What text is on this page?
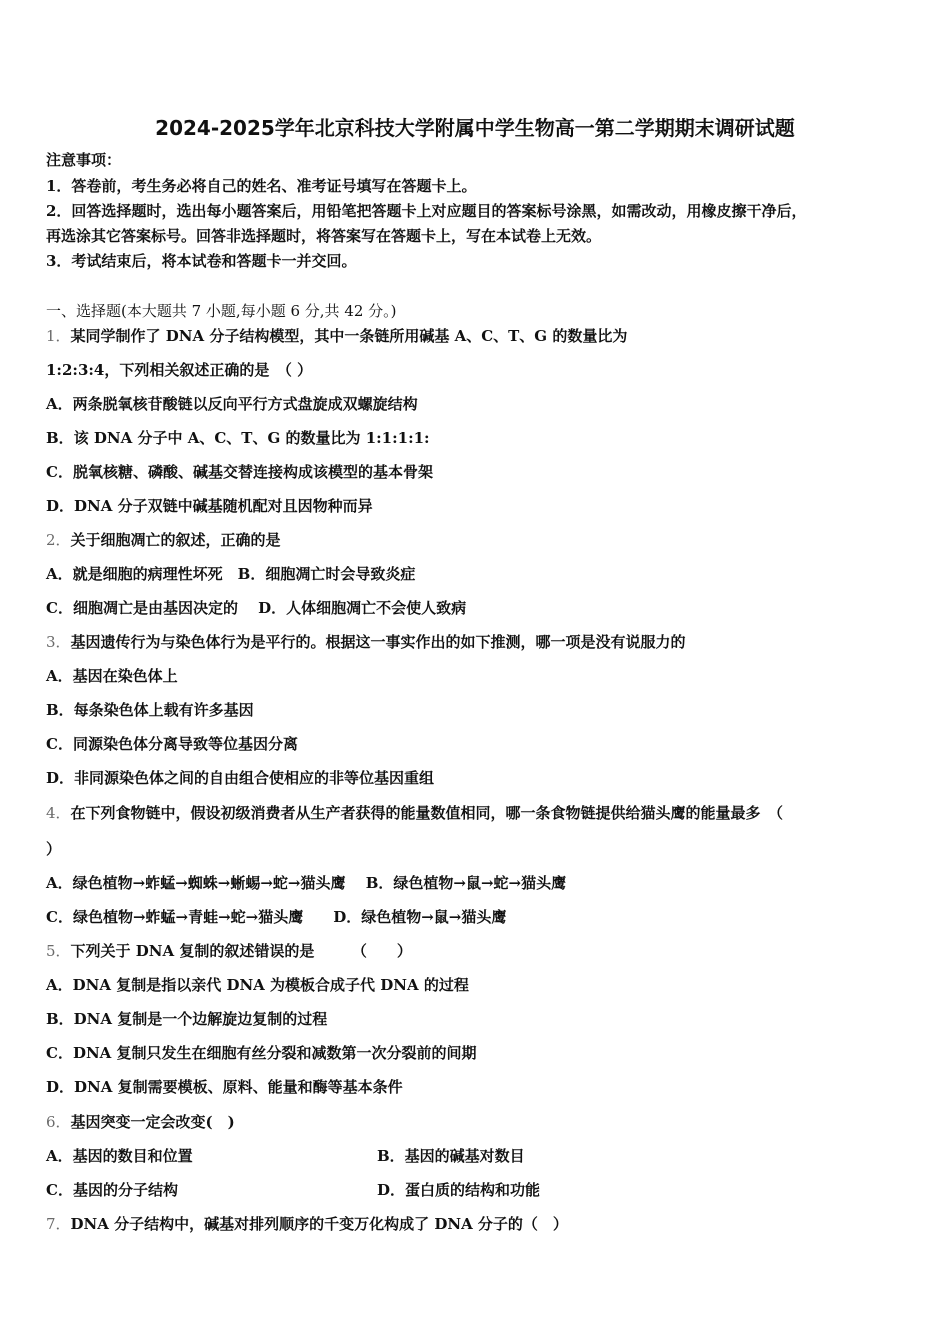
2024-2025学年北京科技大学附属中学生物高一第二学期期末调研试题
注意事项：
1．答卷前，考生务必将自己的姓名、准考证号填写在答题卡上。
2．回答选择题时，选出每小题答案后，用铅笔把答题卡上对应题目的答案标号涂黑，如需改动，用橡皮擦干净后，
再选涂其它答案标号。回答非选择题时，将答案写在答题卡上，写在本试卷上无效。
3．考试结束后，将本试卷和答题卡一并交回。
一、选择题(本大题共 7 小题,每小题 6 分,共 42 分。)
1．某同学制作了 DNA 分子结构模型，其中一条链所用碱基 A、C、T、G 的数量比为
1:2:3:4，下列相关叙述正确的是　（ ）
A．两条脱氧核苷酸链以反向平行方式盘旋成双螺旋结构
B．该 DNA 分子中 A、C、T、G 的数量比为 1:1:1:1:
C．脱氧核糖、磷酸、碱基交替连接构成该模型的基本骨架
D．DNA 分子双链中碱基随机配对且因物种而异
2．关于细胞凋亡的叙述，正确的是
A．就是细胞的病理性坏死　B．细胞凋亡时会导致炎症
C．细胞凋亡是由基因决定的　 D．人体细胞凋亡不会使人致病
3．基因遗传行为与染色体行为是平行的。根据这一事实作出的如下推测，哪一项是没有说服力的
A．基因在染色体上
B．每条染色体上载有许多基因
C．同源染色体分离导致等位基因分离
D．非同源染色体之间的自由组合使相应的非等位基因重组
4．在下列食物链中，假设初级消费者从生产者获得的能量数值相同，哪一条食物链提供给猫头鹰的能量最多　（
）
A．绿色植物→蚱蜢→蜘蛛→蜥蜴→蛇→猫头鹰　 B．绿色植物→鼠→蛇→猫头鹰
C．绿色植物→蚱蜢→青蛙→蛇→猫头鹰　　D．绿色植物→鼠→猫头鹰
5．下列关于 DNA 复制的叙述错误的是　　　（　　）
A．DNA 复制是指以亲代 DNA 为模板合成子代 DNA 的过程
B．DNA 复制是一个边解旋边复制的过程
C．DNA 复制只发生在细胞有丝分裂和减数第一次分裂前的间期
D．DNA 复制需要模板、原料、能量和酶等基本条件
6．基因突变一定会改变(　)
A．基因的数目和位置	B．基因的碱基对数目
C．基因的分子结构	D．蛋白质的结构和功能
7．DNA 分子结构中，碱基对排列顺序的千变万化构成了 DNA 分子的（　）
